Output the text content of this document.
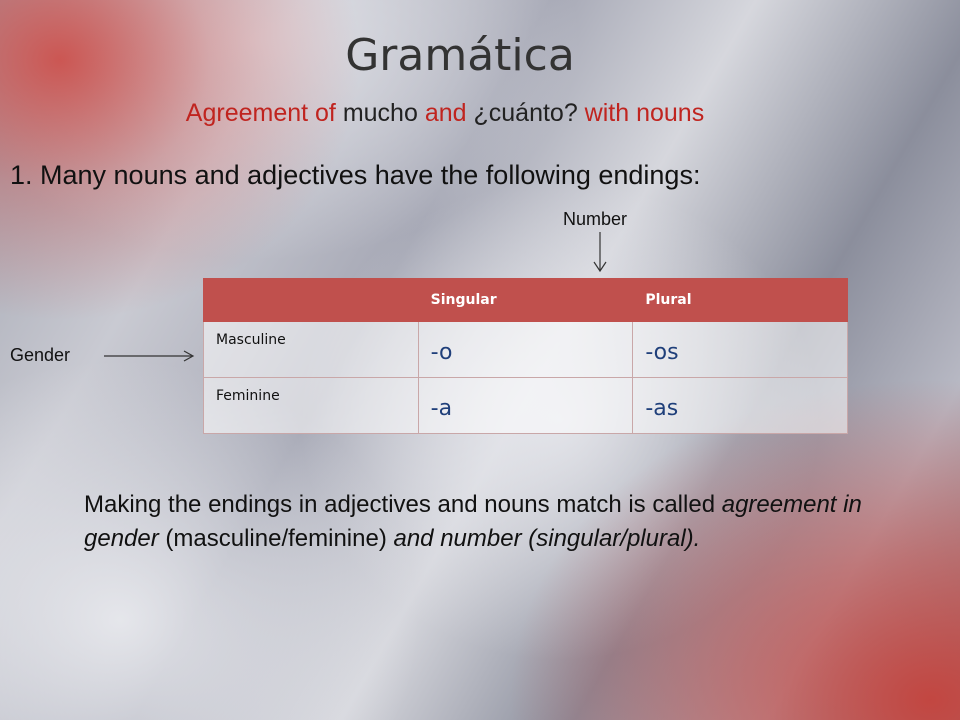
Gramática
Agreement of mucho and ¿cuánto? with nouns
1. Many nouns and adjectives have the following endings:
Number
Gender
	Singular	Plural
Masculine	-o	-os
Feminine	-a	-as
Making the endings in adjectives and nouns match is called agreement in gender (masculine/feminine) and number (singular/plural).
